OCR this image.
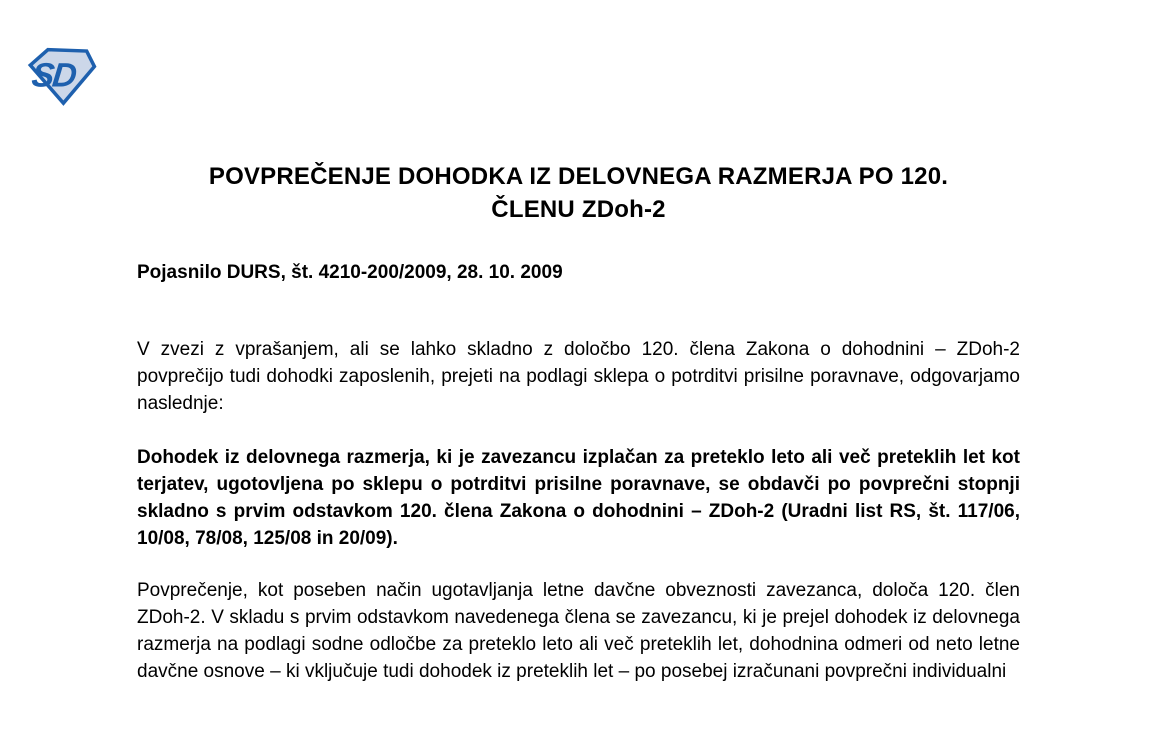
SD
POVPREČENJE DOHODKA IZ DELOVNEGA RAZMERJA PO 120.
ČLENU ZDoh-2

Pojasnilo DURS, št. 4210-200/2009, 28. 10. 2009

V zvezi z vprašanjem, ali se lahko skladno z določbo 120. člena Zakona o dohodnini – ZDoh-2 povprečijo tudi dohodki zaposlenih, prejeti na podlagi sklepa o potrditvi prisilne poravnave, odgovarjamo naslednje:

Dohodek iz delovnega razmerja, ki je zavezancu izplačan za preteklo leto ali več preteklih let kot terjatev, ugotovljena po sklepu o potrditvi prisilne poravnave, se obdavči po povprečni stopnji skladno s prvim odstavkom 120. člena Zakona o dohodnini – ZDoh-2 (Uradni list RS, št. 117/06, 10/08, 78/08, 125/08 in 20/09).

Povprečenje, kot poseben način ugotavljanja letne davčne obveznosti zavezanca, določa 120. člen ZDoh-2. V skladu s prvim odstavkom navedenega člena se zavezancu, ki je prejel dohodek iz delovnega razmerja na podlagi sodne odločbe za preteklo leto ali več preteklih let, dohodnina odmeri od neto letne davčne osnove – ki vključuje tudi dohodek iz preteklih let – po posebej izračunani povprečni individualni
